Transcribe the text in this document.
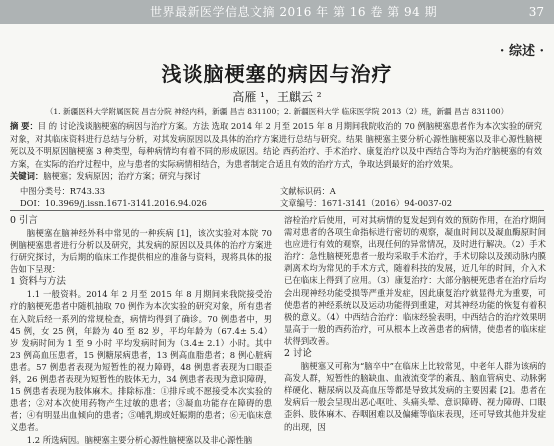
世界最新医学信息文摘 2016 年 第 16 卷 第 94 期	37
· 综述 ·
浅谈脑梗塞的病因与治疗
高雁 ¹，王麒云 ²
（1. 新疆医科大学附属医院 昌吉分院 神经内科，新疆 昌吉 831100；2. 新疆医科大学 临床医学院 2013（2）班，新疆 昌吉 831100）

摘 要：目 的 讨论浅谈脑梗塞的病因与治疗方案。方法 选取 2014 年 2 月至 2015 年 8 月期间我院收治的 70 例脑梗塞患者作为本次实验的研究对象，对其临床资料进行总结与分析，对其发病原因以及具体的治疗方案进行总结与研究。结果 脑梗塞主要分析心源性脑梗塞以及非心源性脑梗死以及不明原因脑梗塞 3 种类型，每种病情均有着不同的形成原因。结论 西药治疗、手术治疗、康复治疗以及中西结合等均为治疗脑梗塞的有效方案，在实际的治疗过程中，应与患者的实际病情相结合，为患者制定合适且有效的治疗方式，争取达到最好的治疗效果。
关键词：脑梗塞；发病原因；治疗方案；研究与探讨

中图分类号：R743.33	文献标识码：A
DOI：10.3969/j.issn.1671-3141.2016.94.026	文章编号：1671-3141（2016）94-0037-02

0 引言

脑梗塞在脑神经外科中常见的一种疾病 [1]，该次实验对本院 70 例脑梗塞患者进行分析以及研究，其发病的原因以及具体的治疗方案进行研究探讨，为后期的临床工作提供相应的准备与资料，现将具体的报告如下呈现：

1 资料与方法

1.1 一般资料。2014 年 2 月至 2015 年 8 月期间来我院接受治疗的脑梗死患者中随机抽取 70 例作为本次实验的研究对象，所有患者在入院后经一系列的常规检查，病情均得到了确诊。70 例患者中，男 45 例，女 25 例，年龄为 40 至 82 岁，平均年龄为（67.4± 5.4）岁 发病时间为 1 至 9 小时 平均发病时间为（3.4± 2.1）小时。其中 23 例高血压患者，15 例糖尿病患者，13 例高血脂患者；8 例心脏病患者。57 例患者表现为短暂性的视力障碍，48 例患者表现为口眼歪斜，26 例患者表现为短暂性的肢体无力，34 例患者表现为意识障碍，15 例患者表现为肢体麻木。排除标准：①排斥或不愿接受本次实验的患者；②对本次使用药物产生过敏的患者；③凝血功能存在障碍的患者；④有明显出血倾向的患者；⑤哺乳期或妊娠期的患者；⑥无临床意义患者。

1.2 所选病因。脑梗塞主要分析心源性脑梗塞以及非心源性脑

溶栓治疗后使用，可对其病情的复发起到有效的预防作用，在治疗期间需对患者的各项生命指标进行密切的观察，凝血时间以及凝血酶原时间也应进行有效的观察，出现任何的异常情况，及时进行解决。（2）手术治疗：急性脑梗死患者一般均采取手术治疗，手术切除以及颈动脉内膜剥离术均为常见的手术方式，随着科技的发展，近几年的时间，介入术已在临床上得到了应用。（3）康复治疗：大部分脑梗死患者在治疗后均会出现神经功能受损等严重并发症，因此康复治疗就显得尤为重要，可使患者的神经系统以及运动功能得到重建，对其神经功能的恢复有着积极的意义。（4）中西结合治疗：临床经验表明，中西结合的治疗效果明显高于一般的西药治疗，可从根本上改善患者的病情，使患者的临床症状得到改善。

2 讨论

脑梗塞又可称为“脑卒中”在临床上比较常见，中老年人群为该病的高发人群，短暂性的脑缺血、血液流变学的紊乱、脑血管病史、动脉粥样硬化、糖尿病以及高血压等都是导致其发病的主要因素 [2]。患者在发病后一般会呈现出恶心呕吐、头痛头晕、意识障碍、视力障碍、口眼歪斜、肢体麻木、吞咽困难以及偏瘫等临床表现，还可导致其他并发症的出现，因
